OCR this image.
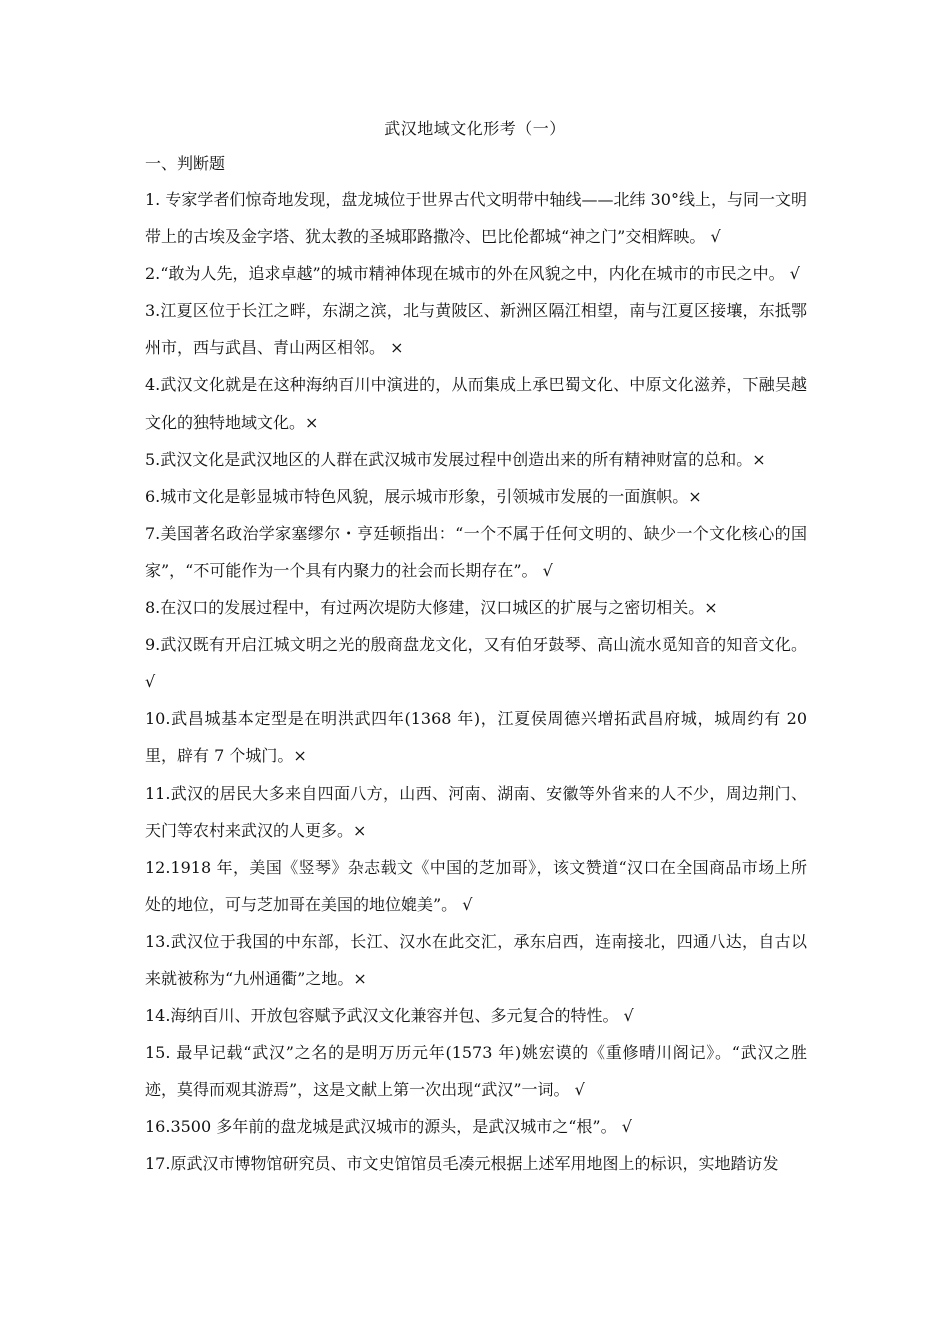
武汉地域文化形考（一）
一、判断题

1. 专家学者们惊奇地发现，盘龙城位于世界古代文明带中轴线——北纬 30°线上，与同一文明带上的古埃及金字塔、犹太教的圣城耶路撒冷、巴比伦都城“神之门”交相辉映。 √

2.“敢为人先，追求卓越”的城市精神体现在城市的外在风貌之中，内化在城市的市民之中。 √

3.江夏区位于长江之畔，东湖之滨，北与黄陂区、新洲区隔江相望，南与江夏区接壤，东抵鄂州市，西与武昌、青山两区相邻。 ×

4.武汉文化就是在这种海纳百川中演进的，从而集成上承巴蜀文化、中原文化滋养，下融吴越文化的独特地域文化。×

5.武汉文化是武汉地区的人群在武汉城市发展过程中创造出来的所有精神财富的总和。×

6.城市文化是彰显城市特色风貌，展示城市形象，引领城市发展的一面旗帜。×

7.美国著名政治学家塞缪尔・亨廷顿指出：“一个不属于任何文明的、缺少一个文化核心的国家”，“不可能作为一个具有内聚力的社会而长期存在”。 √

8.在汉口的发展过程中，有过两次堤防大修建，汉口城区的扩展与之密切相关。×

9.武汉既有开启江城文明之光的殷商盘龙文化，又有伯牙鼓琴、高山流水觅知音的知音文化。 √

10.武昌城基本定型是在明洪武四年(1368 年)，江夏侯周德兴增拓武昌府城，城周约有 20 里，辟有 7 个城门。×

11.武汉的居民大多来自四面八方，山西、河南、湖南、安徽等外省来的人不少，周边荆门、天门等农村来武汉的人更多。×

12.1918 年，美国《竖琴》杂志载文《中国的芝加哥》，该文赞道“汉口在全国商品市场上所处的地位，可与芝加哥在美国的地位媲美”。 √

13.武汉位于我国的中东部，长江、汉水在此交汇，承东启西，连南接北，四通八达，自古以来就被称为“九州通衢”之地。×

14.海纳百川、开放包容赋予武汉文化兼容并包、多元复合的特性。 √

15. 最早记载“武汉”之名的是明万历元年(1573 年)姚宏谟的《重修晴川阁记》。“武汉之胜迹，莫得而观其游焉”，这是文献上第一次出现“武汉”一词。 √

16.3500 多年前的盘龙城是武汉城市的源头，是武汉城市之“根”。 √

17.原武汉市博物馆研究员、市文史馆馆员毛凑元根据上述军用地图上的标识，实地踏访发
